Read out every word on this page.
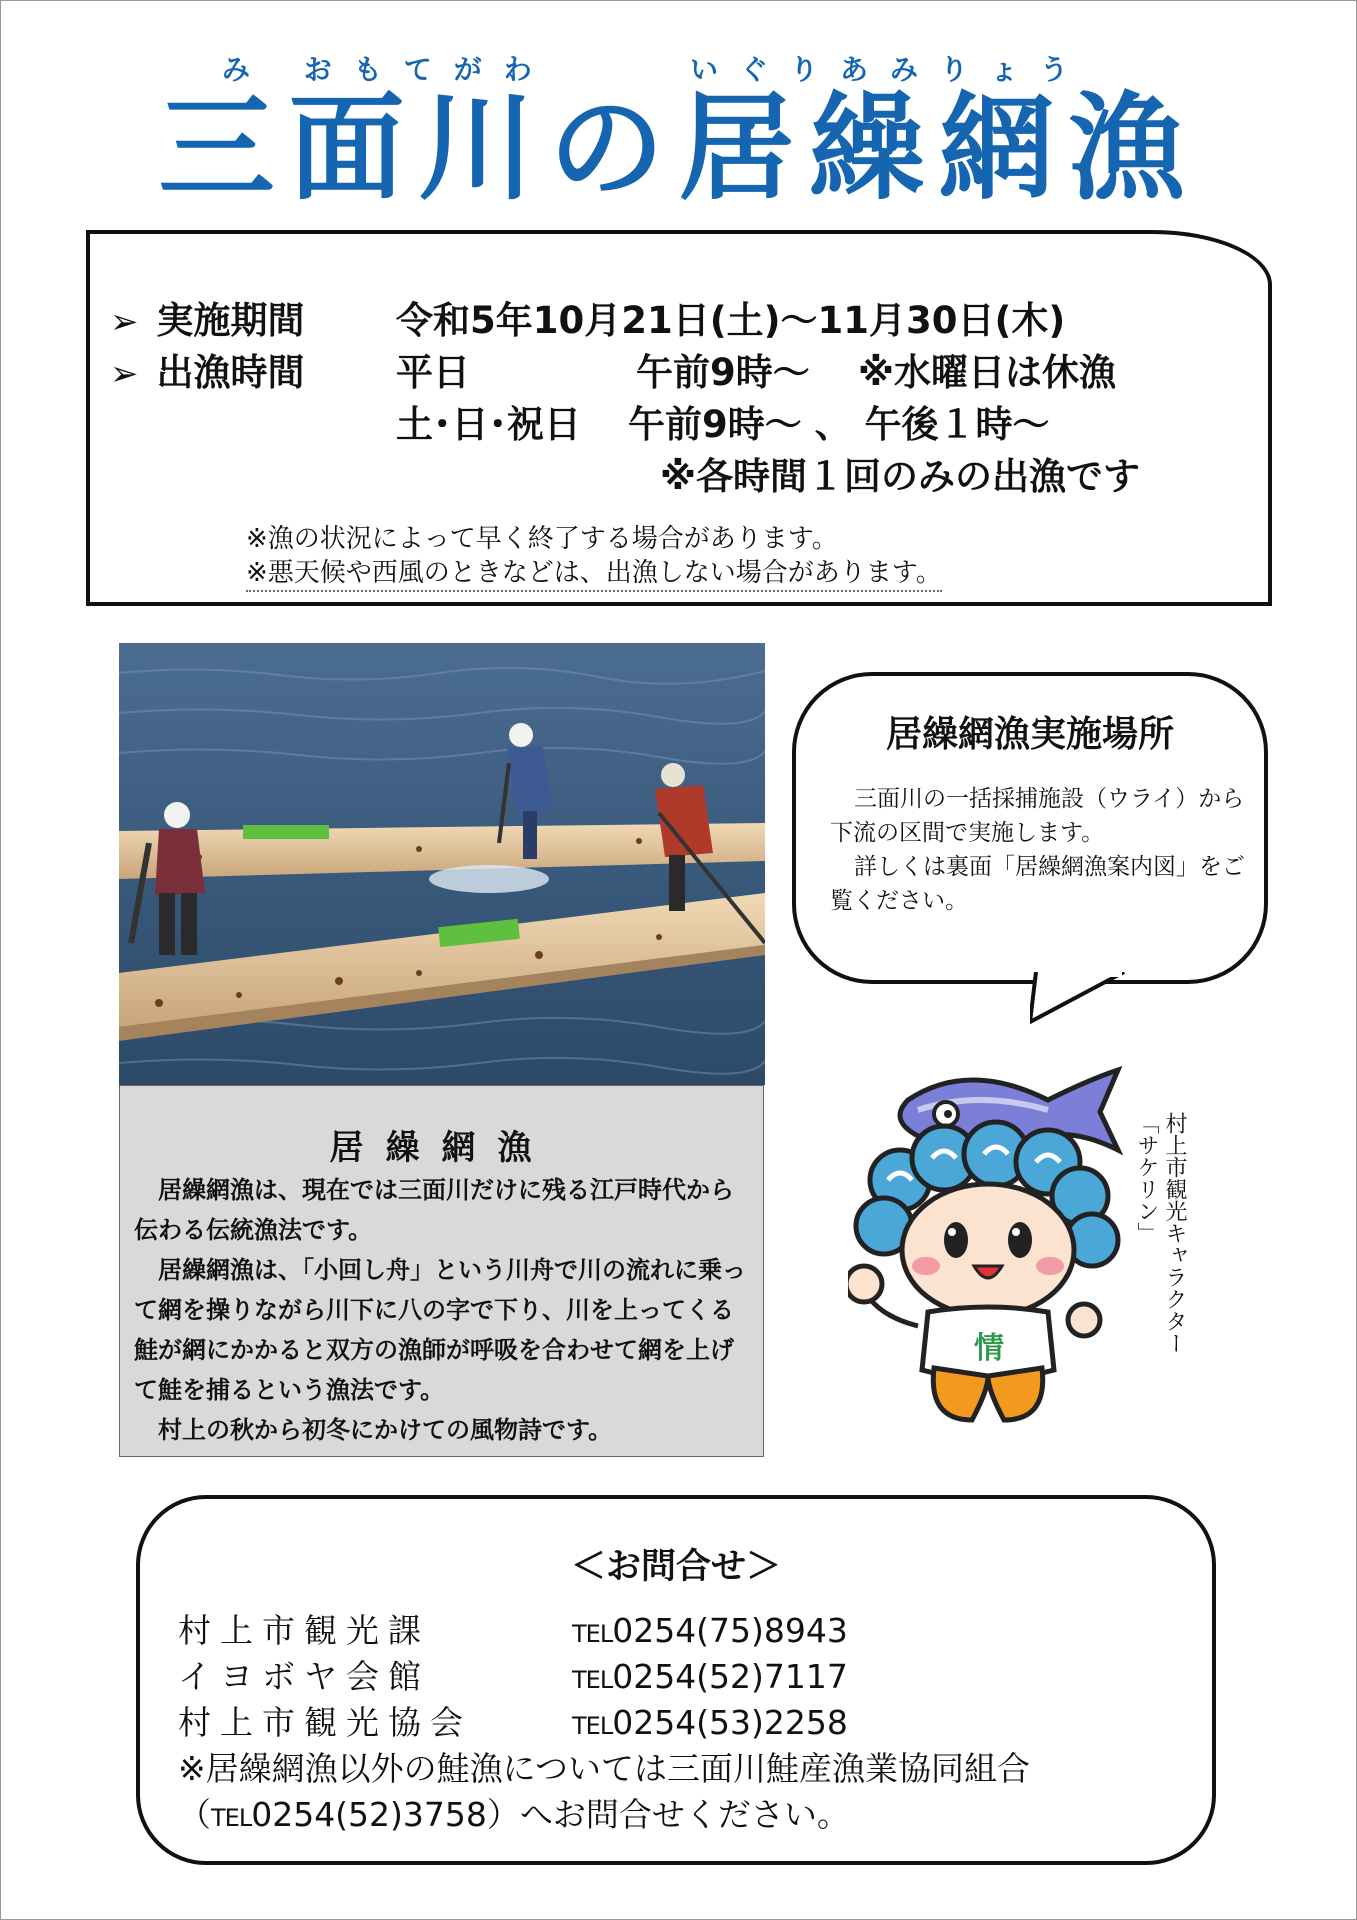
み おもてがわ	いぐりあみりょう
三面川の居繰網漁
➢ 実施期間 令和5年10月21日(土)～11月30日(木)
➢ 出漁時間 平日	午前9時～ ※水曜日は休漁
土･日･祝日 午前9時～ 、 午後１時～
※各時間１回のみの出漁です
※漁の状況によって早く終了する場合があります。
※悪天候や西風のときなどは、出漁しない場合があります。
居繰網漁
居繰網漁は、現在では三面川だけに残る江戸時代から伝わる伝統漁法です。
居繰網漁は、「小回し舟」という川舟で川の流れに乗って網を操りながら川下に八の字で下り、川を上ってくる鮭が網にかかると双方の漁師が呼吸を合わせて網を上げて鮭を捕るという漁法です。
村上の秋から初冬にかけての風物詩です。
居繰網漁実施場所
三面川の一括採捕施設（ウライ）から下流の区間で実施します。
詳しくは裏面「居繰網漁案内図」をご覧ください。
情	村上市観光キャラクター
「サケリン」
＜お問合せ＞
村上市観光課	TEL0254(75)8943
イヨボヤ会館	TEL0254(52)7117
村上市観光協会	TEL0254(53)2258
※居繰網漁以外の鮭漁については三面川鮭産漁業協同組合
（TEL0254(52)3758）へお問合せください。
